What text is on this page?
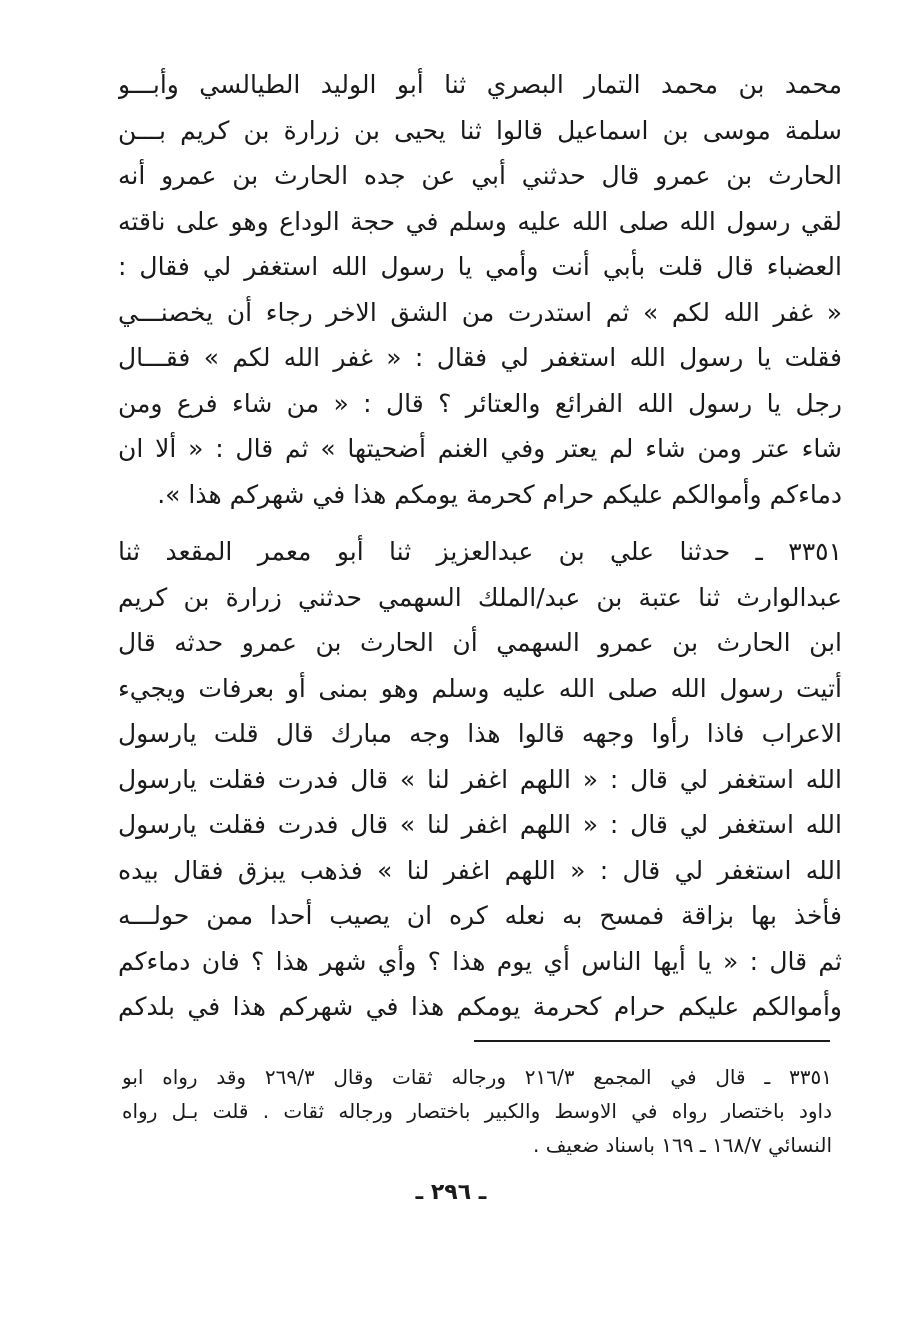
محمد بن محمد التمار البصري ثنا أبو الوليد الطيالسي وأبـــو
سلمة موسى بن اسماعيل قالوا ثنا يحيى بن زرارة بن كريم بـــن
الحارث بن عمرو قال حدثني أبي عن جده الحارث بن عمرو أنه
لقي رسول الله صلى الله عليه وسلم في حجة الوداع وهو على ناقته
العضباء قال قلت بأبي أنت وأمي يا رسول الله استغفر لي فقال :
« غفر الله لكم » ثم استدرت من الشق الاخر رجاء أن يخصنـــي
فقلت يا رسول الله استغفر لي فقال : « غفر الله لكم » فقـــال
رجل يا رسول الله الفرائع والعتائر ؟ قال : « من شاء فرع ومن
شاء عتر ومن شاء لم يعتر وفي الغنم أضحيتها » ثم قال : « ألا ان
دماءكم وأموالكم عليكم حرام كحرمة يومكم هذا في شهركم هذا ».
٣٣٥١ ـ حدثنا علي بن عبدالعزيز ثنا أبو معمر المقعد ثنا
عبدالوارث ثنا عتبة بن عبد/الملك السهمي حدثني زرارة بن كريم
ابن الحارث بن عمرو السهمي أن الحارث بن عمرو حدثه قال
أتيت رسول الله صلى الله عليه وسلم وهو بمنى أو بعرفات ويجيء
الاعراب فاذا رأوا وجهه قالوا هذا وجه مبارك قال قلت يارسول
الله استغفر لي قال : « اللهم اغفر لنا » قال فدرت فقلت يارسول
الله استغفر لي قال : « اللهم اغفر لنا » قال فدرت فقلت يارسول
الله استغفر لي قال : « اللهم اغفر لنا » فذهب يبزق فقال بيده
فأخذ بها بزاقة فمسح به نعله كره ان يصيب أحدا ممن حولـــه
ثم قال : « يا أيها الناس أي يوم هذا ؟ وأي شهر هذا ؟ فان دماءكم
وأموالكم عليكم حرام كحرمة يومكم هذا في شهركم هذا في بلدكم
٣٣٥١ ـ قال في المجمع ٢١٦/٣ ورجاله ثقات وقال ٢٦٩/٣ وقد رواه ابو
داود باختصار رواه في الاوسط والكبير باختصار ورجاله ثقات . قلت بـل رواه
النسائي ١٦٨/٧ ـ ١٦٩ باسناد ضعيف .
ـ ٢٩٦ ـ
